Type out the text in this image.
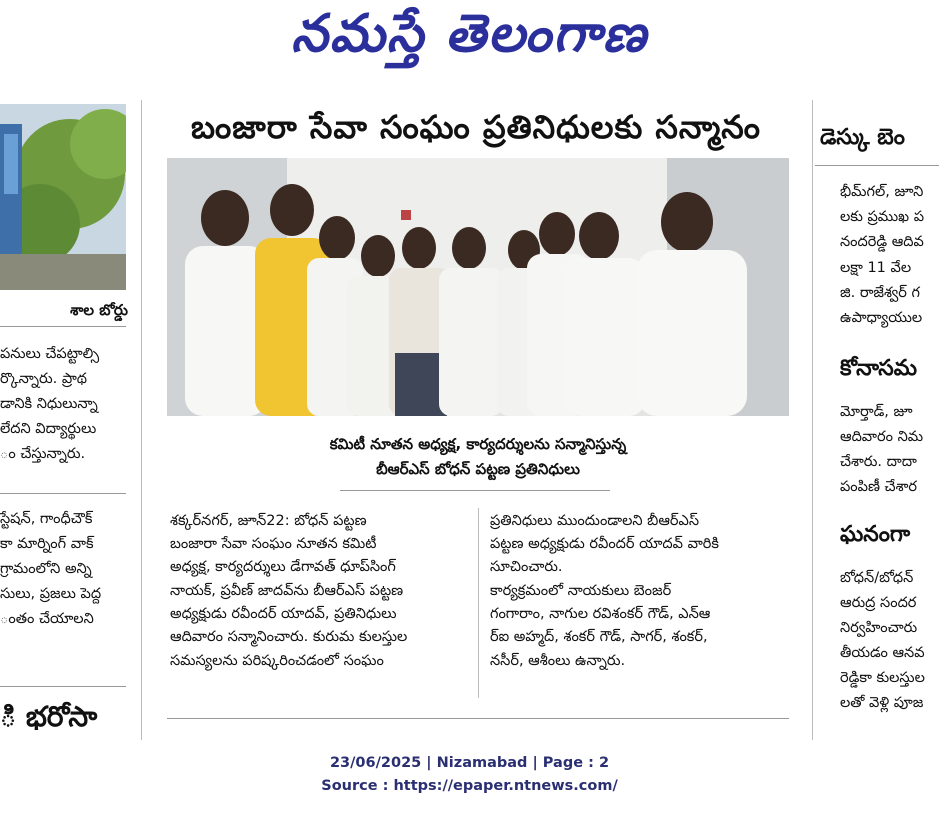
నమస్తే తెలంగాణ
శాల బోర్డు
పనులు చేపట్టాల్సి
ర్కొన్నారు. ప్రాథ
డానికి నిధులున్నా
లేదని విద్యార్థులు
ం చేస్తున్నారు.
స్టేషన్, గాంధీచౌక్
కా మార్నింగ్ వాక్
గ్రామంలోని అన్ని
సులు, ప్రజలు పెద్ద
ంతం చేయాలని
ి భరోసా
బంజారా సేవా సంఘం ప్రతినిధులకు సన్మానం
కమిటీ నూతన అధ్యక్ష, కార్యదర్శులను సన్మానిస్తున్న
బీఆర్ఎస్ బోధన్ పట్టణ ప్రతినిధులు
శక్కర్‌నగర్, జూన్22: బోధన్ పట్టణ
బంజారా సేవా సంఘం నూతన కమిటీ
అధ్యక్ష, కార్యదర్శులు డేగావత్ ధూప్‌సింగ్
నాయక్, ప్రవీణ్ జాదవ్‌ను బీఆర్ఎస్ పట్టణ
అధ్యక్షుడు రవీందర్ యాదవ్, ప్రతినిధులు
ఆదివారం సన్మానించారు. కురుమ కులస్తుల
సమస్యలను పరిష్కరించడంలో సంఘం
ప్రతినిధులు ముందుండాలని బీఆర్ఎస్
పట్టణ అధ్యక్షుడు రవీందర్ యాదవ్ వారికి
సూచించారు.
కార్యక్రమంలో నాయకులు బెంజర్
గంగారాం, నాగుల రవిశంకర్ గౌడ్, ఎన్ఆ
ర్ఐ అహ్మద్, శంకర్ గౌడ్, సాగర్, శంకర్,
నసీర్, ఆశీంలు ఉన్నారు.
డెస్కు బెం
భీమ్‌గల్, జూని
లకు ప్రముఖ ప
నందరెడ్డి ఆదివ
లక్షా 11 వేల
జి. రాజేశ్వర్ గ
ఉపాధ్యాయుల
కోనాసమ
మోర్తాడ్, జూ
ఆదివారం నిమ
చేశారు. దాదా
పంపిణీ చేశార
ఘనంగా
బోధన్/బోధన్
ఆరుద్ర సందర
నిర్వహించారు
తీయడం ఆనవ
రెడ్డికా కులస్తుల
లతో వెళ్లి పూజ
23/06/2025 | Nizamabad | Page : 2
Source : https://epaper.ntnews.com/
